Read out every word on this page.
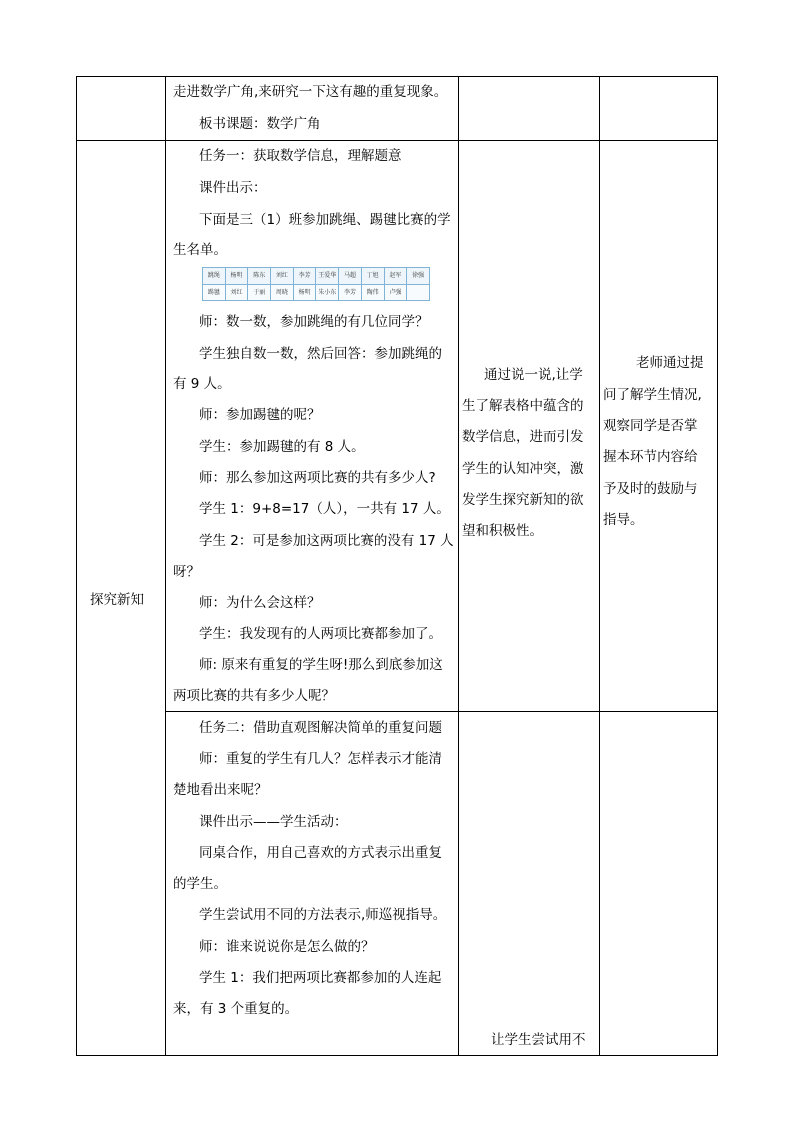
走进数学广角,来研究一下这有趣的重复现象。
板书课题：数学广角
探究新知
任务一：获取数学信息，理解题意
课件出示：
下面是三（1）班参加跳绳、踢毽比赛的学
生名单。
跳绳	杨明	陈东	刘红	李芳	王爱华	马超	丁旭	赵军	徐强
踢毽	刘红	于丽	周晓	杨明	朱小东	李芳	陶伟	卢强	
师：数一数，参加跳绳的有几位同学？
学生独自数一数，然后回答：参加跳绳的
有 9 人。
师：参加踢毽的呢？
学生：参加踢毽的有 8 人。
师：那么参加这两项比赛的共有多少人?
学生 1：9+8=17（人），一共有 17 人。
学生 2：可是参加这两项比赛的没有 17 人
呀？
师：为什么会这样？
学生：我发现有的人两项比赛都参加了。
师: 原来有重复的学生呀!那么到底参加这
两项比赛的共有多少人呢？
通过说一说,让学
生了解表格中蕴含的
数学信息，进而引发
学生的认知冲突，激
发学生探究新知的欲
望和积极性。
老师通过提
问了解学生情况,
观察同学是否掌
握本环节内容给
予及时的鼓励与
指导。
任务二：借助直观图解决简单的重复问题
师：重复的学生有几人？怎样表示才能清
楚地看出来呢？
课件出示——学生活动：
同桌合作，用自己喜欢的方式表示出重复
的学生。
学生尝试用不同的方法表示,师巡视指导。
师：谁来说说你是怎么做的？
学生 1：我们把两项比赛都参加的人连起
来，有 3 个重复的。
让学生尝试用不
